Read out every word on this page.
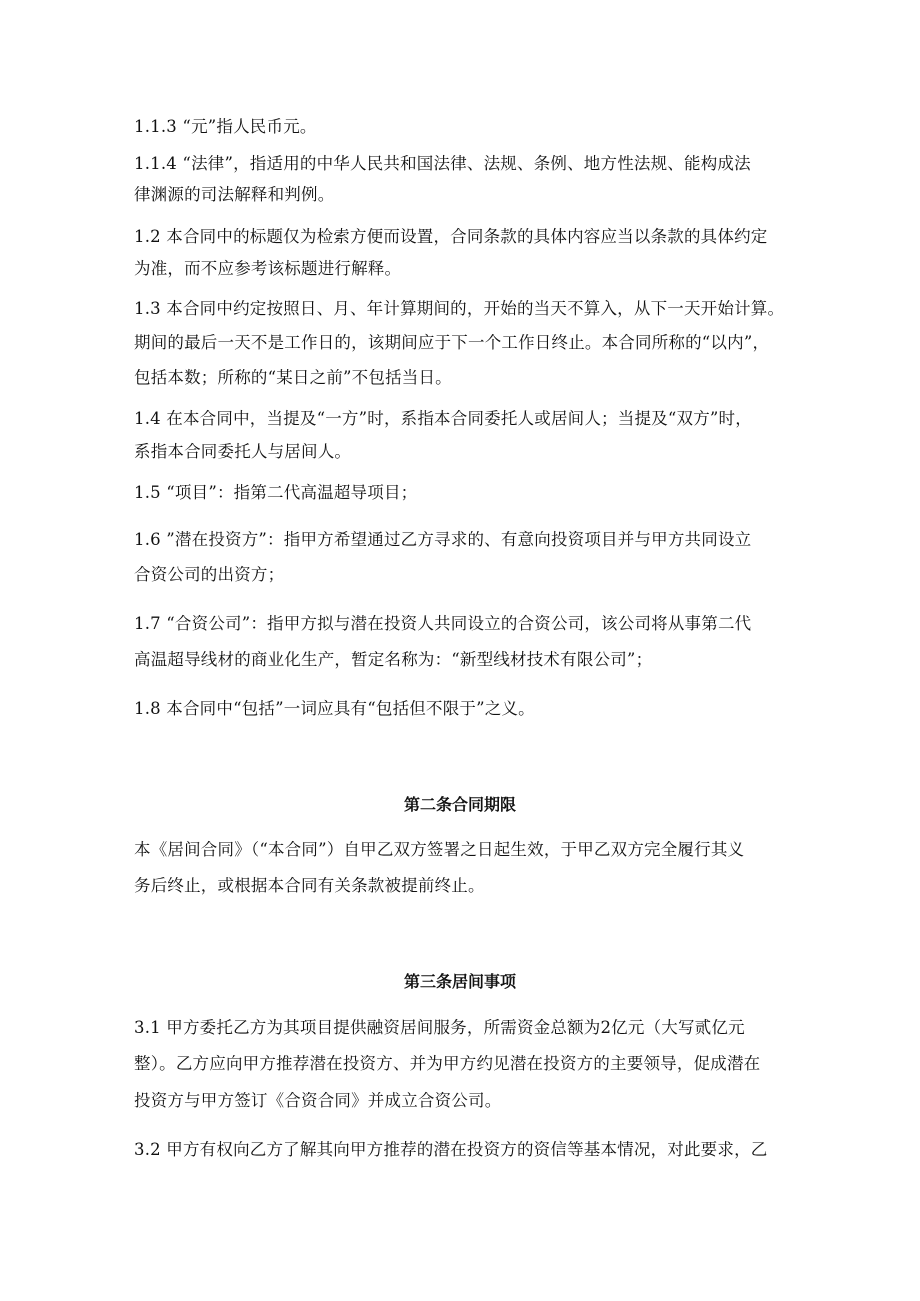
1.1.3 “元”指人民币元。
1.1.4 “法律”，指适用的中华人民共和国法律、法规、条例、地方性法规、能构成法
律渊源的司法解释和判例。
1.2 本合同中的标题仅为检索方便而设置，合同条款的具体内容应当以条款的具体约定
为准，而不应参考该标题进行解释。
1.3 本合同中约定按照日、月、年计算期间的，开始的当天不算入，从下一天开始计算。
期间的最后一天不是工作日的，该期间应于下一个工作日终止。本合同所称的“以内”，
包括本数；所称的“某日之前”不包括当日。
1.4 在本合同中，当提及“一方”时，系指本合同委托人或居间人；当提及“双方”时，
系指本合同委托人与居间人。
1.5 “项目”：指第二代高温超导项目；
1.6 ”潜在投资方”：指甲方希望通过乙方寻求的、有意向投资项目并与甲方共同设立
合资公司的出资方；
1.7 “合资公司”：指甲方拟与潜在投资人共同设立的合资公司，该公司将从事第二代
高温超导线材的商业化生产，暂定名称为：“新型线材技术有限公司”；
1.8 本合同中“包括”一词应具有“包括但不限于”之义。
第二条合同期限
本《居间合同》（“本合同”）自甲乙双方签署之日起生效，于甲乙双方完全履行其义
务后终止，或根据本合同有关条款被提前终止。
第三条居间事项
3.1 甲方委托乙方为其项目提供融资居间服务，所需资金总额为2亿元（大写贰亿元
整）。乙方应向甲方推荐潜在投资方、并为甲方约见潜在投资方的主要领导，促成潜在
投资方与甲方签订《合资合同》并成立合资公司。
3.2 甲方有权向乙方了解其向甲方推荐的潜在投资方的资信等基本情况，对此要求，乙
